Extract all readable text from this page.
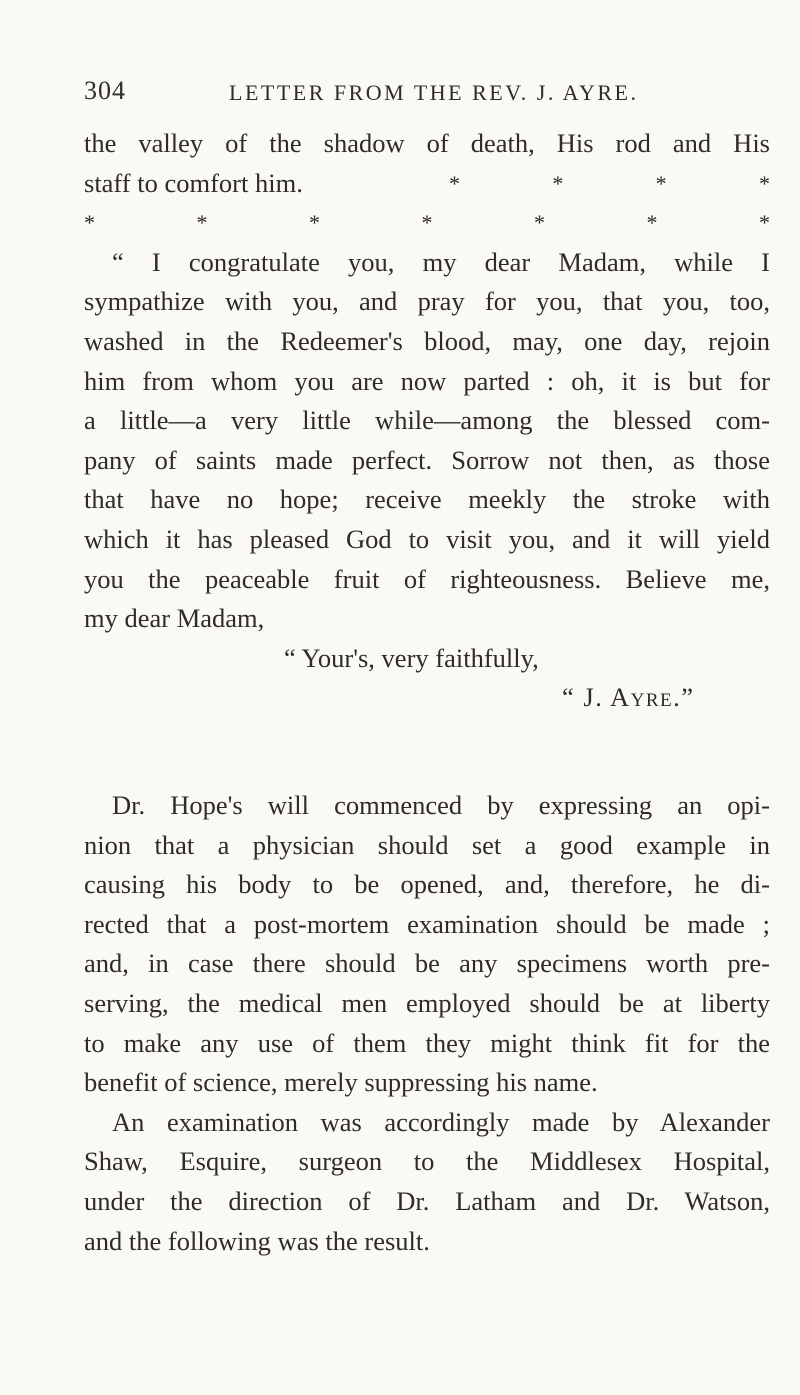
304	LETTER FROM THE REV. J. AYRE.
the valley of the shadow of death, His rod and His
staff to comfort him.	*	*	*	*
*	*	*	*	*	*	*
“ I congratulate you, my dear Madam, while I
sympathize with you, and pray for you, that you, too,
washed in the Redeemer's blood, may, one day, rejoin
him from whom you are now parted : oh, it is but for
a little—a very little while—among the blessed com-
pany of saints made perfect. Sorrow not then, as those
that have no hope; receive meekly the stroke with
which it has pleased God to visit you, and it will yield
you the peaceable fruit of righteousness. Believe me,
my dear Madam,
“ Your's, very faithfully,
“ J. Ayre.”
Dr. Hope's will commenced by expressing an opi-
nion that a physician should set a good example in
causing his body to be opened, and, therefore, he di-
rected that a post-mortem examination should be made ;
and, in case there should be any specimens worth pre-
serving, the medical men employed should be at liberty
to make any use of them they might think fit for the
benefit of science, merely suppressing his name.
An examination was accordingly made by Alexander
Shaw, Esquire, surgeon to the Middlesex Hospital,
under the direction of Dr. Latham and Dr. Watson,
and the following was the result.
